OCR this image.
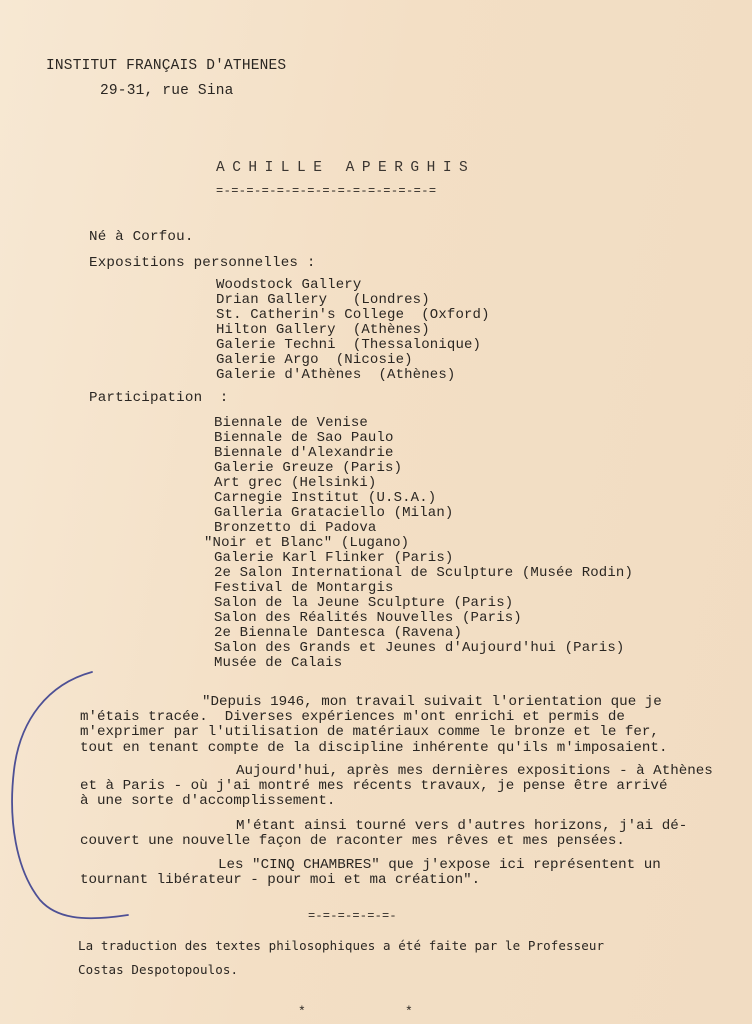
INSTITUT FRANÇAIS D'ATHENES
29-31, rue Sina
ACHILLE APERGHIS
=-=-=-=-=-=-=-=-=-=-=-=-=-=-=
Né à Corfou.
Expositions personnelles :
Woodstock Gallery
Drian Gallery   (Londres)
St. Catherin's College  (Oxford)
Hilton Gallery  (Athènes)
Galerie Techni  (Thessalonique)
Galerie Argo  (Nicosie)
Galerie d'Athènes  (Athènes)
Participation  :
Biennale de Venise
Biennale de Sao Paulo
Biennale d'Alexandrie
Galerie Greuze (Paris)
Art grec (Helsinki)
Carnegie Institut (U.S.A.)
Galleria Grataciello (Milan)
Bronzetto di Padova
"Noir et Blanc" (Lugano)
Galerie Karl Flinker (Paris)
2e Salon International de Sculpture (Musée Rodin)
Festival de Montargis
Salon de la Jeune Sculpture (Paris)
Salon des Réalités Nouvelles (Paris)
2e Biennale Dantesca (Ravena)
Salon des Grands et Jeunes d'Aujourd'hui (Paris)
Musée de Calais

"Depuis 1946, mon travail suivait l'orientation que je

m'étais tracée.  Diverses expériences m'ont enrichi et permis de

m'exprimer par l'utilisation de matériaux comme le bronze et le fer,

tout en tenant compte de la discipline inhérente qu'ils m'imposaient.

Aujourd'hui, après mes dernières expositions - à Athènes

et à Paris - où j'ai montré mes récents travaux, je pense être arrivé

à une sorte d'accomplissement.

M'étant ainsi tourné vers d'autres horizons, j'ai dé-

couvert une nouvelle façon de raconter mes rêves et mes pensées.

Les "CINQ CHAMBRES" que j'expose ici représentent un

tournant libérateur - pour moi et ma création".

=-=-=-=-=-=-
La traduction des textes philosophiques a été faite par le Professeur
Costas Despotopoulos.
*	*
